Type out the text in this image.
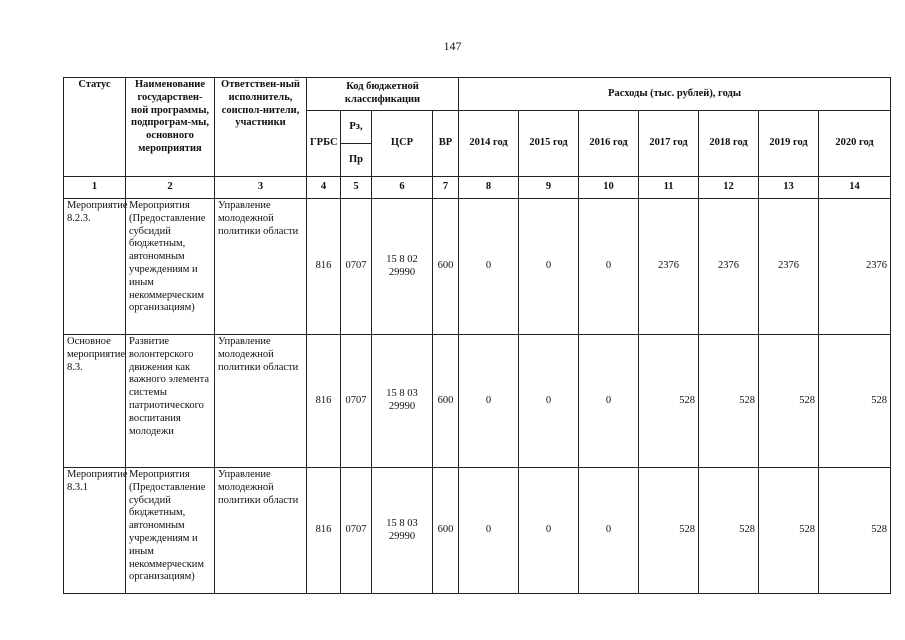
147
Статус	Наименование государствен-ной программы, подпрограм-мы, основного мероприятия	Ответствен-ный исполнитель, соиспол-нители, участники	Код бюджетной классификации				Расходы (тыс. рублей), годы						
			ГРБС	Рз,	ЦСР	ВР	2014 год	2015 год	2016 год	2017 год	2018 год	2019 год	2020 год
				Пр									
1	2	3	4	5	6	7	8	9	10	11	12	13	14
Мероприятие 8.2.3.	Мероприятия (Предоставление субсидий бюджетным, автономным учреждениям и иным некоммерческим организациям)	Управление молодежной политики области	816	0707	15 8 02 29990	600	0	0	0	2376	2376	2376	2376
Основное мероприятие 8.3.	Развитие волонтерского движения как важного элемента системы патриотического воспитания молодежи	Управление молодежной политики области	816	0707	15 8 03 29990	600	0	0	0	528	528	528	528
Мероприятие 8.3.1	Мероприятия (Предоставление субсидий бюджетным, автономным учреждениям и иным некоммерческим организациям)	Управление молодежной политики области	816	0707	15 8 03 29990	600	0	0	0	528	528	528	528
